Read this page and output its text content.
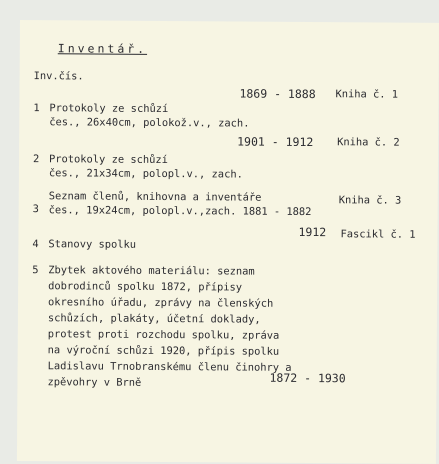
Inventář.
Inv.čís.
1 Protokoly ze schůzí
čes., 26x40cm, polokož.v., zach.
1869 - 1888 Kniha č. 1
2 Protokoly ze schůzí
čes., 21x34cm, polopl.v., zach.
1901 - 1912 Kniha č. 2
3
Seznam členů, knihovna a inventáře
čes., 19x24cm, polopl.v.,zach. 1881 - 1882
Kniha č. 3
4 Stanovy spolku
1912 Fascikl č. 1
5 Zbytek aktového materiálu: seznam
dobrodinců spolku 1872, přípisy
okresního úřadu, zprávy na členských
schůzích, plakáty, účetní doklady,
protest proti rozchodu spolku, zpráva
na výroční schůzi 1920, přípis spolku
Ladislavu Trnobranskému členu činohry a
zpěvohry v Brně	1872 - 1930
